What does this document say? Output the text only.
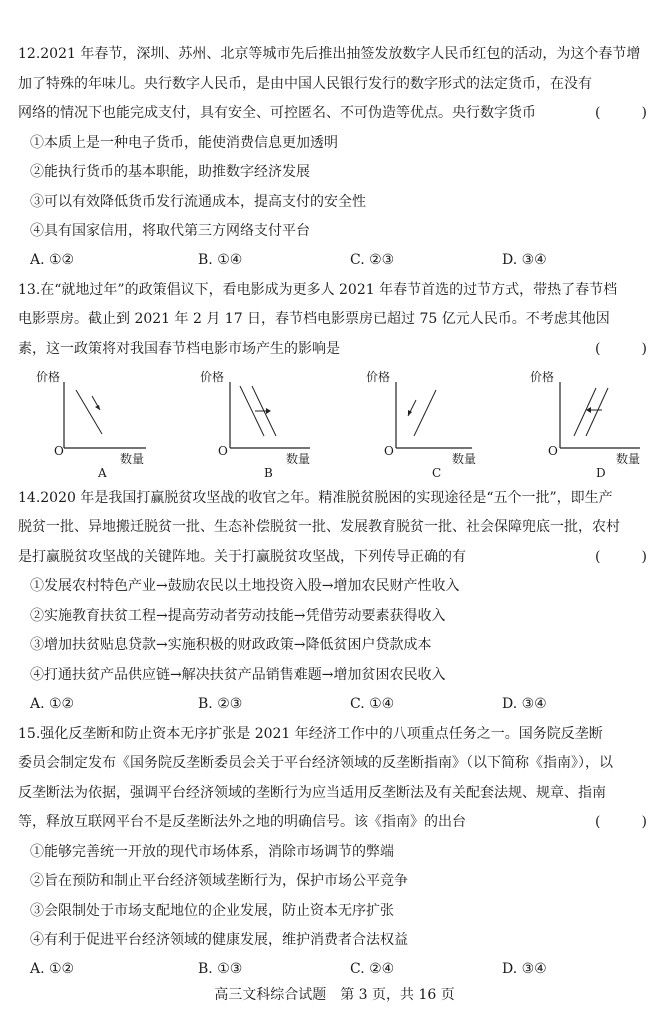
12.2021 年春节，深圳、苏州、北京等城市先后推出抽签发放数字人民币红包的活动，为这个春节增
加了特殊的年味儿。央行数字人民币，是由中国人民银行发行的数字形式的法定货币，在没有
网络的情况下也能完成支付，具有安全、可控匿名、不可伪造等优点。央行数字货币	(　　)
①本质上是一种电子货币，能使消费信息更加透明
②能执行货币的基本职能，助推数字经济发展
③可以有效降低货币发行流通成本，提高支付的安全性
④具有国家信用，将取代第三方网络支付平台
A. ①②	B. ①④	C. ②③	D. ③④
13.在“就地过年”的政策倡议下，看电影成为更多人 2021 年春节首选的过节方式，带热了春节档
电影票房。截止到 2021 年 2 月 17 日，春节档电影票房已超过 75 亿元人民币。不考虑其他因
素，这一政策将对我国春节档电影市场产生的影响是	(　　)
价格
O
数量
A
价格
O
数量
B
价格
O
数量
C
价格
O
数量
D
14.2020 年是我国打赢脱贫攻坚战的收官之年。精准脱贫脱困的实现途径是“五个一批”，即生产
脱贫一批、异地搬迁脱贫一批、生态补偿脱贫一批、发展教育脱贫一批、社会保障兜底一批，农村
是打赢脱贫攻坚战的关键阵地。关于打赢脱贫攻坚战，下列传导正确的有	(　　)
①发展农村特色产业→鼓励农民以土地投资入股→增加农民财产性收入
②实施教育扶贫工程→提高劳动者劳动技能→凭借劳动要素获得收入
③增加扶贫贴息贷款→实施积极的财政政策→降低贫困户贷款成本
④打通扶贫产品供应链→解决扶贫产品销售难题→增加贫困农民收入
A. ①②	B. ②③	C. ①④	D. ③④
15.强化反垄断和防止资本无序扩张是 2021 年经济工作中的八项重点任务之一。国务院反垄断
委员会制定发布《国务院反垄断委员会关于平台经济领域的反垄断指南》（以下简称《指南》），以
反垄断法为依据，强调平台经济领域的垄断行为应当适用反垄断法及有关配套法规、规章、指南
等，释放互联网平台不是反垄断法外之地的明确信号。该《指南》的出台	(　　)
①能够完善统一开放的现代市场体系，消除市场调节的弊端
②旨在预防和制止平台经济领域垄断行为，保护市场公平竞争
③会限制处于市场支配地位的企业发展，防止资本无序扩张
④有利于促进平台经济领域的健康发展，维护消费者合法权益
A. ①②	B. ①③	C. ②④	D. ③④
高三文科综合试题　第 3 页，共 16 页
